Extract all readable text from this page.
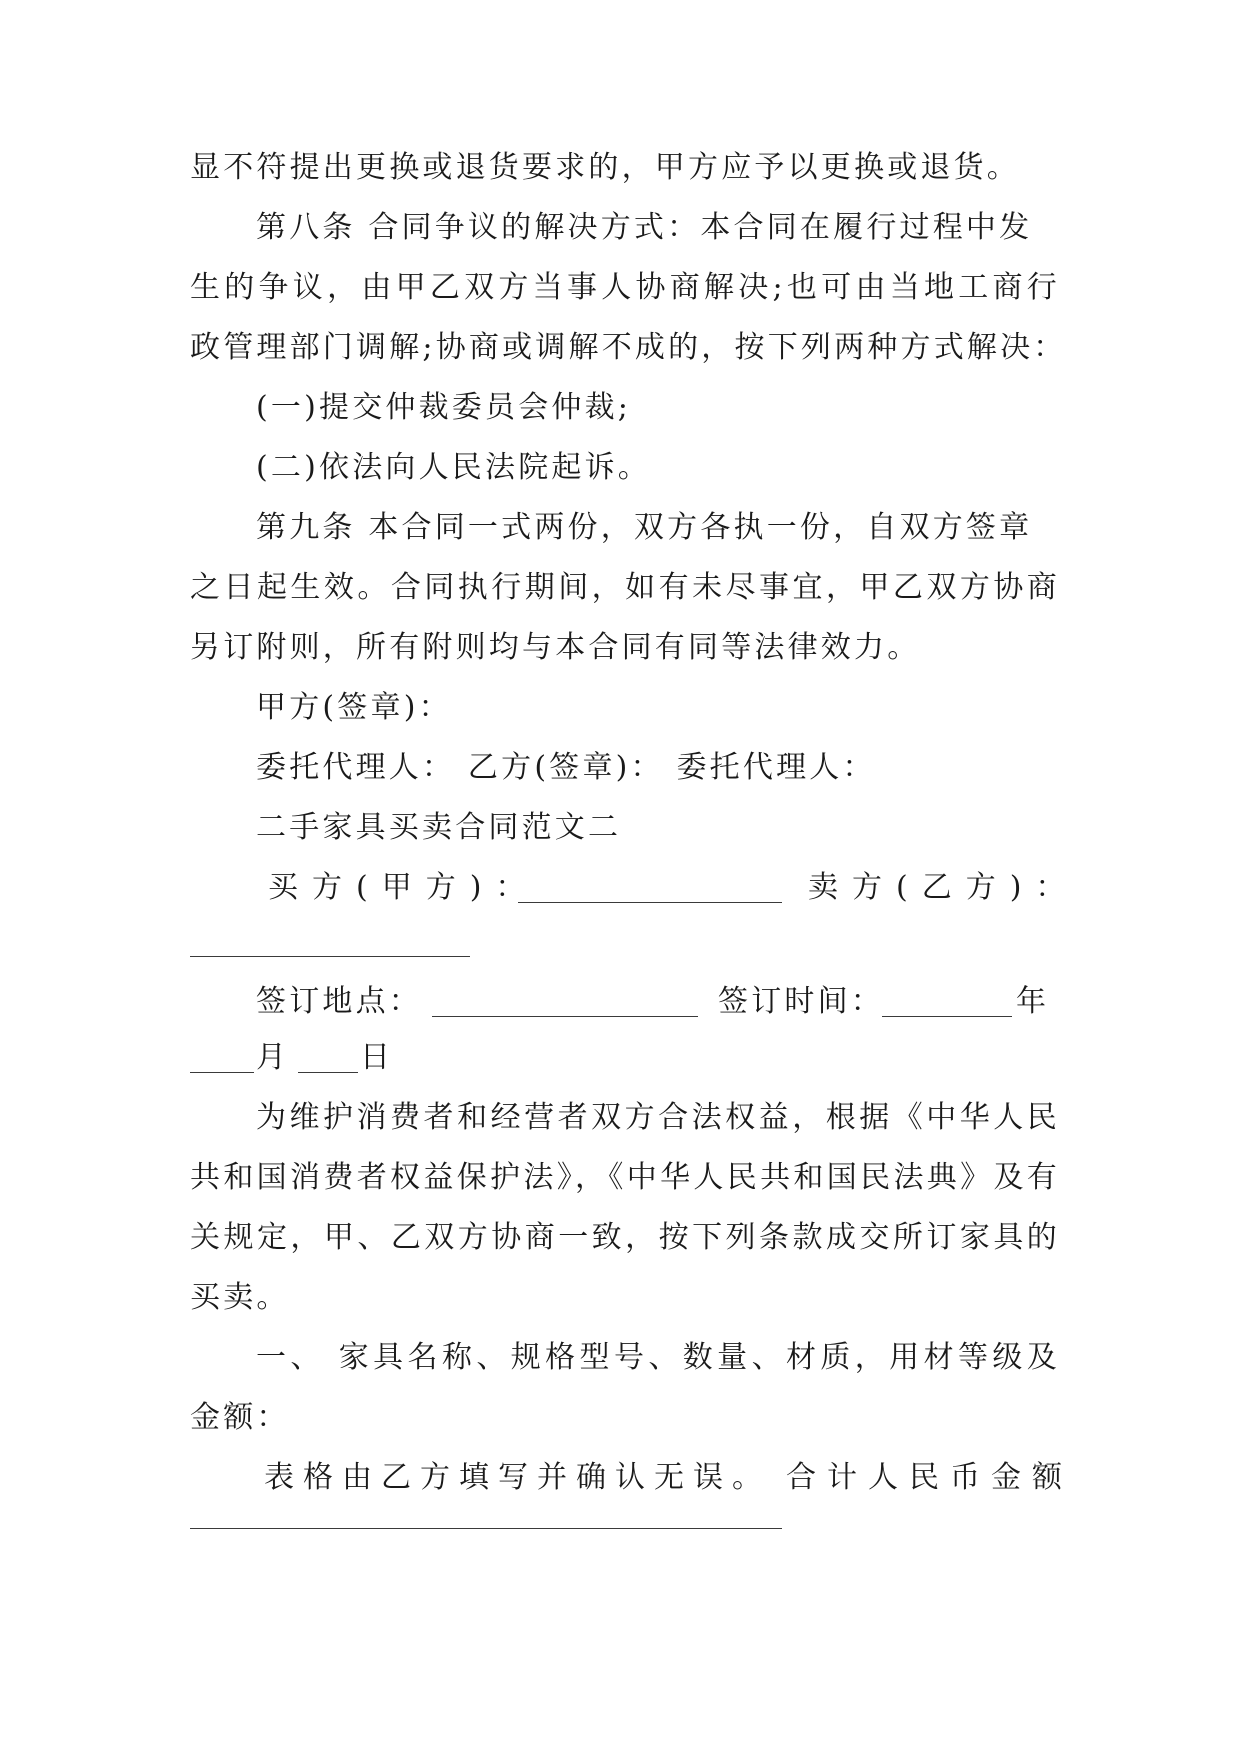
显不符提出更换或退货要求的，甲方应予以更换或退货。
第八条 合同争议的解决方式：本合同在履行过程中发
生的争议，由甲乙双方当事人协商解决;也可由当地工商行
政管理部门调解;协商或调解不成的，按下列两种方式解决：
(一)提交仲裁委员会仲裁;
(二)依法向人民法院起诉。
第九条 本合同一式两份，双方各执一份，自双方签章
之日起生效。合同执行期间，如有未尽事宜，甲乙双方协商
另订附则，所有附则均与本合同有同等法律效力。
甲方(签章)：
委托代理人： 乙方(签章)： 委托代理人：
二手家具买卖合同范文二
买方(甲方)：	卖方(乙方)：
签订地点：	签订时间：	年
月 日
为维护消费者和经营者双方合法权益，根据《中华人民
共和国消费者权益保护法》，《中华人民共和国民法典》及有
关规定，甲、乙双方协商一致，按下列条款成交所订家具的
买卖。
一、 家具名称、规格型号、数量、材质，用材等级及
金额：
表格由乙方填写并确认无误。 合计人民币金额
